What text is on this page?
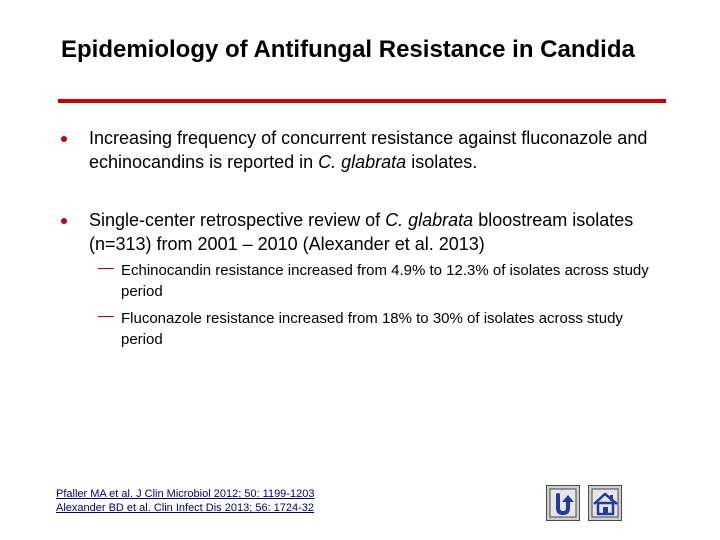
Epidemiology of Antifungal Resistance in Candida
Increasing frequency of concurrent resistance against fluconazole and echinocandins is reported in C. glabrata isolates.
Single-center retrospective review of C. glabrata bloostream isolates (n=313) from 2001 – 2010 (Alexander et al. 2013)
Echinocandin resistance increased from 4.9% to 12.3% of isolates across study period
Fluconazole resistance increased from 18% to 30% of isolates across study period
Pfaller MA et al. J Clin Microbiol 2012; 50: 1199-1203
Alexander BD et al. Clin Infect Dis 2013; 56: 1724-32
